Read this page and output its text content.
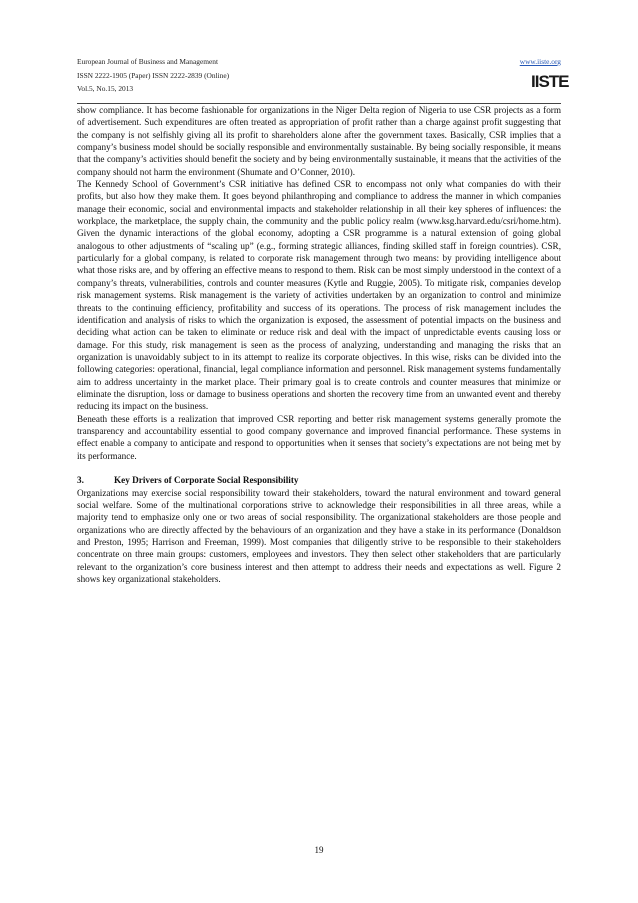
European Journal of Business and Management
ISSN 2222-1905 (Paper) ISSN 2222-2839 (Online)
Vol.5, No.15, 2013
www.iiste.org
IISTE

show compliance. It has become fashionable for organizations in the Niger Delta region of Nigeria to use CSR projects as a form of advertisement. Such expenditures are often treated as appropriation of profit rather than a charge against profit suggesting that the company is not selfishly giving all its profit to shareholders alone after the government taxes. Basically, CSR implies that a company’s business model should be socially responsible and environmentally sustainable. By being socially responsible, it means that the company’s activities should benefit the society and by being environmentally sustainable, it means that the activities of the company should not harm the environment (Shumate and O’Conner, 2010).

The Kennedy School of Government’s CSR initiative has defined CSR to encompass not only what companies do with their profits, but also how they make them. It goes beyond philanthroping and compliance to address the manner in which companies manage their economic, social and environmental impacts and stakeholder relationship in all their key spheres of influences: the workplace, the marketplace, the supply chain, the community and the public policy realm (www.ksg.harvard.edu/csri/home.htm). Given the dynamic interactions of the global economy, adopting a CSR programme is a natural extension of going global analogous to other adjustments of “scaling up” (e.g., forming strategic alliances, finding skilled staff in foreign countries). CSR, particularly for a global company, is related to corporate risk management through two means: by providing intelligence about what those risks are, and by offering an effective means to respond to them. Risk can be most simply understood in the context of a company’s threats, vulnerabilities, controls and counter measures (Kytle and Ruggie, 2005). To mitigate risk, companies develop risk management systems. Risk management is the variety of activities undertaken by an organization to control and minimize threats to the continuing efficiency, profitability and success of its operations. The process of risk management includes the identification and analysis of risks to which the organization is exposed, the assessment of potential impacts on the business and deciding what action can be taken to eliminate or reduce risk and deal with the impact of unpredictable events causing loss or damage. For this study, risk management is seen as the process of analyzing, understanding and managing the risks that an organization is unavoidably subject to in its attempt to realize its corporate objectives. In this wise, risks can be divided into the following categories: operational, financial, legal compliance information and personnel. Risk management systems fundamentally aim to address uncertainty in the market place. Their primary goal is to create controls and counter measures that minimize or eliminate the disruption, loss or damage to business operations and shorten the recovery time from an unwanted event and thereby reducing its impact on the business.

Beneath these efforts is a realization that improved CSR reporting and better risk management systems generally promote the transparency and accountability essential to good company governance and improved financial performance. These systems in effect enable a company to anticipate and respond to opportunities when it senses that society’s expectations are not being met by its performance.

3.	Key Drivers of Corporate Social Responsibility

Organizations may exercise social responsibility toward their stakeholders, toward the natural environment and toward general social welfare. Some of the multinational corporations strive to acknowledge their responsibilities in all three areas, while a majority tend to emphasize only one or two areas of social responsibility. The organizational stakeholders are those people and organizations who are directly affected by the behaviours of an organization and they have a stake in its performance (Donaldson and Preston, 1995; Harrison and Freeman, 1999). Most companies that diligently strive to be responsible to their stakeholders concentrate on three main groups: customers, employees and investors. They then select other stakeholders that are particularly relevant to the organization’s core business interest and then attempt to address their needs and expectations as well. Figure 2 shows key organizational stakeholders.

19
